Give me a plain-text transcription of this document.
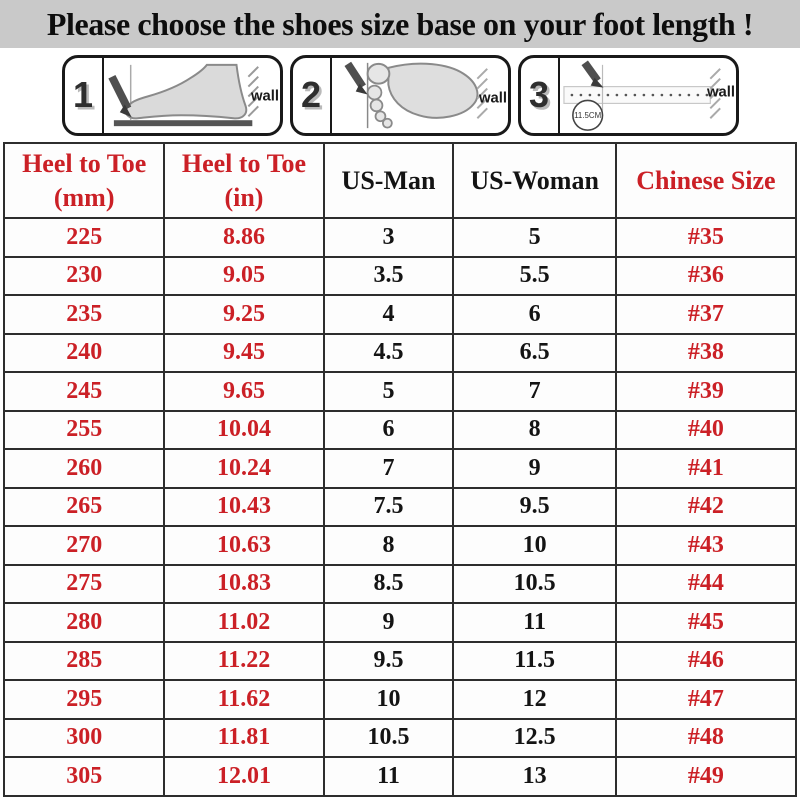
Please choose the shoes size base on your foot length !
1	wall 2	wall 3
11.5CM
wall
Heel to Toe
(mm)

Heel to Toe
(in)

US-Man	US-Woman	Chinese Size

225	8.86	3	5	#35
230	9.05	3.5	5.5	#36
235	9.25	4	6	#37
240	9.45	4.5	6.5	#38
245	9.65	5	7	#39
255	10.04	6	8	#40
260	10.24	7	9	#41
265	10.43	7.5	9.5	#42
270	10.63	8	10	#43
275	10.83	8.5	10.5	#44
280	11.02	9	11	#45
285	11.22	9.5	11.5	#46
295	11.62	10	12	#47
300	11.81	10.5	12.5	#48
305	12.01	11	13	#49
